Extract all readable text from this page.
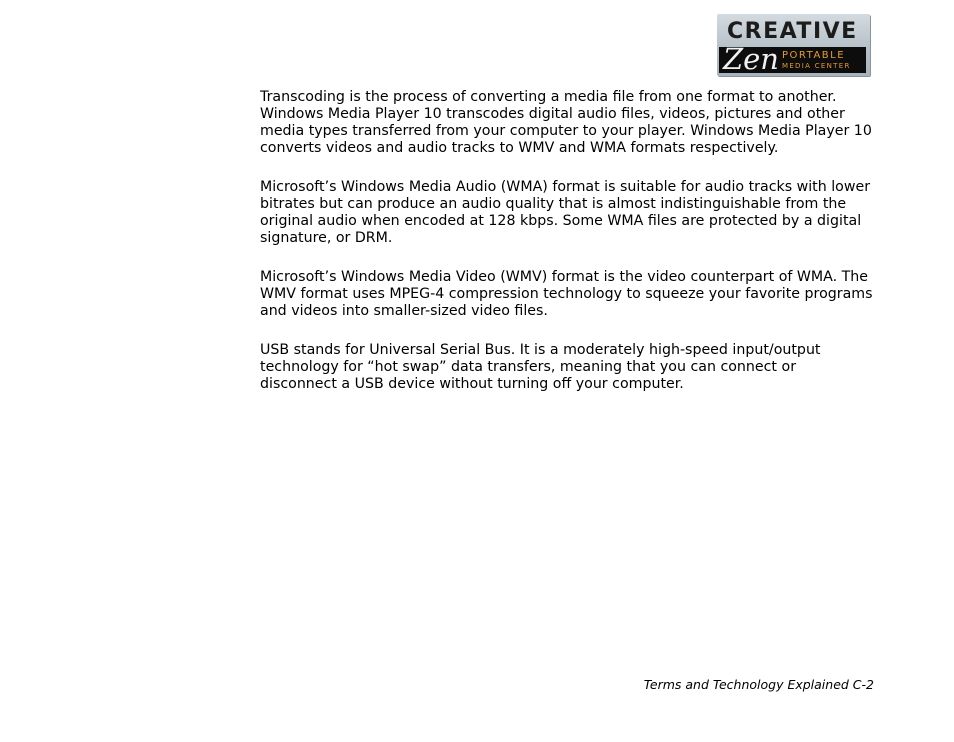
CREATIVE
Zen PORTABLE
MEDIA CENTER

Transcoding is the process of converting a media file from one format to another. Windows Media Player 10 transcodes digital audio files, videos, pictures and other media types transferred from your computer to your player. Windows Media Player 10 converts videos and audio tracks to WMV and WMA formats respectively.

Microsoft’s Windows Media Audio (WMA) format is suitable for audio tracks with lower bitrates but can produce an audio quality that is almost indistinguishable from the original audio when encoded at 128 kbps. Some WMA files are protected by a digital signature, or DRM.

Microsoft’s Windows Media Video (WMV) format is the video counterpart of WMA. The WMV format uses MPEG-4 compression technology to squeeze your favorite programs and videos into smaller-sized video files.

USB stands for Universal Serial Bus. It is a moderately high-speed input/output technology for “hot swap” data transfers, meaning that you can connect or disconnect a USB device without turning off your computer.

Terms and Technology Explained C-2
